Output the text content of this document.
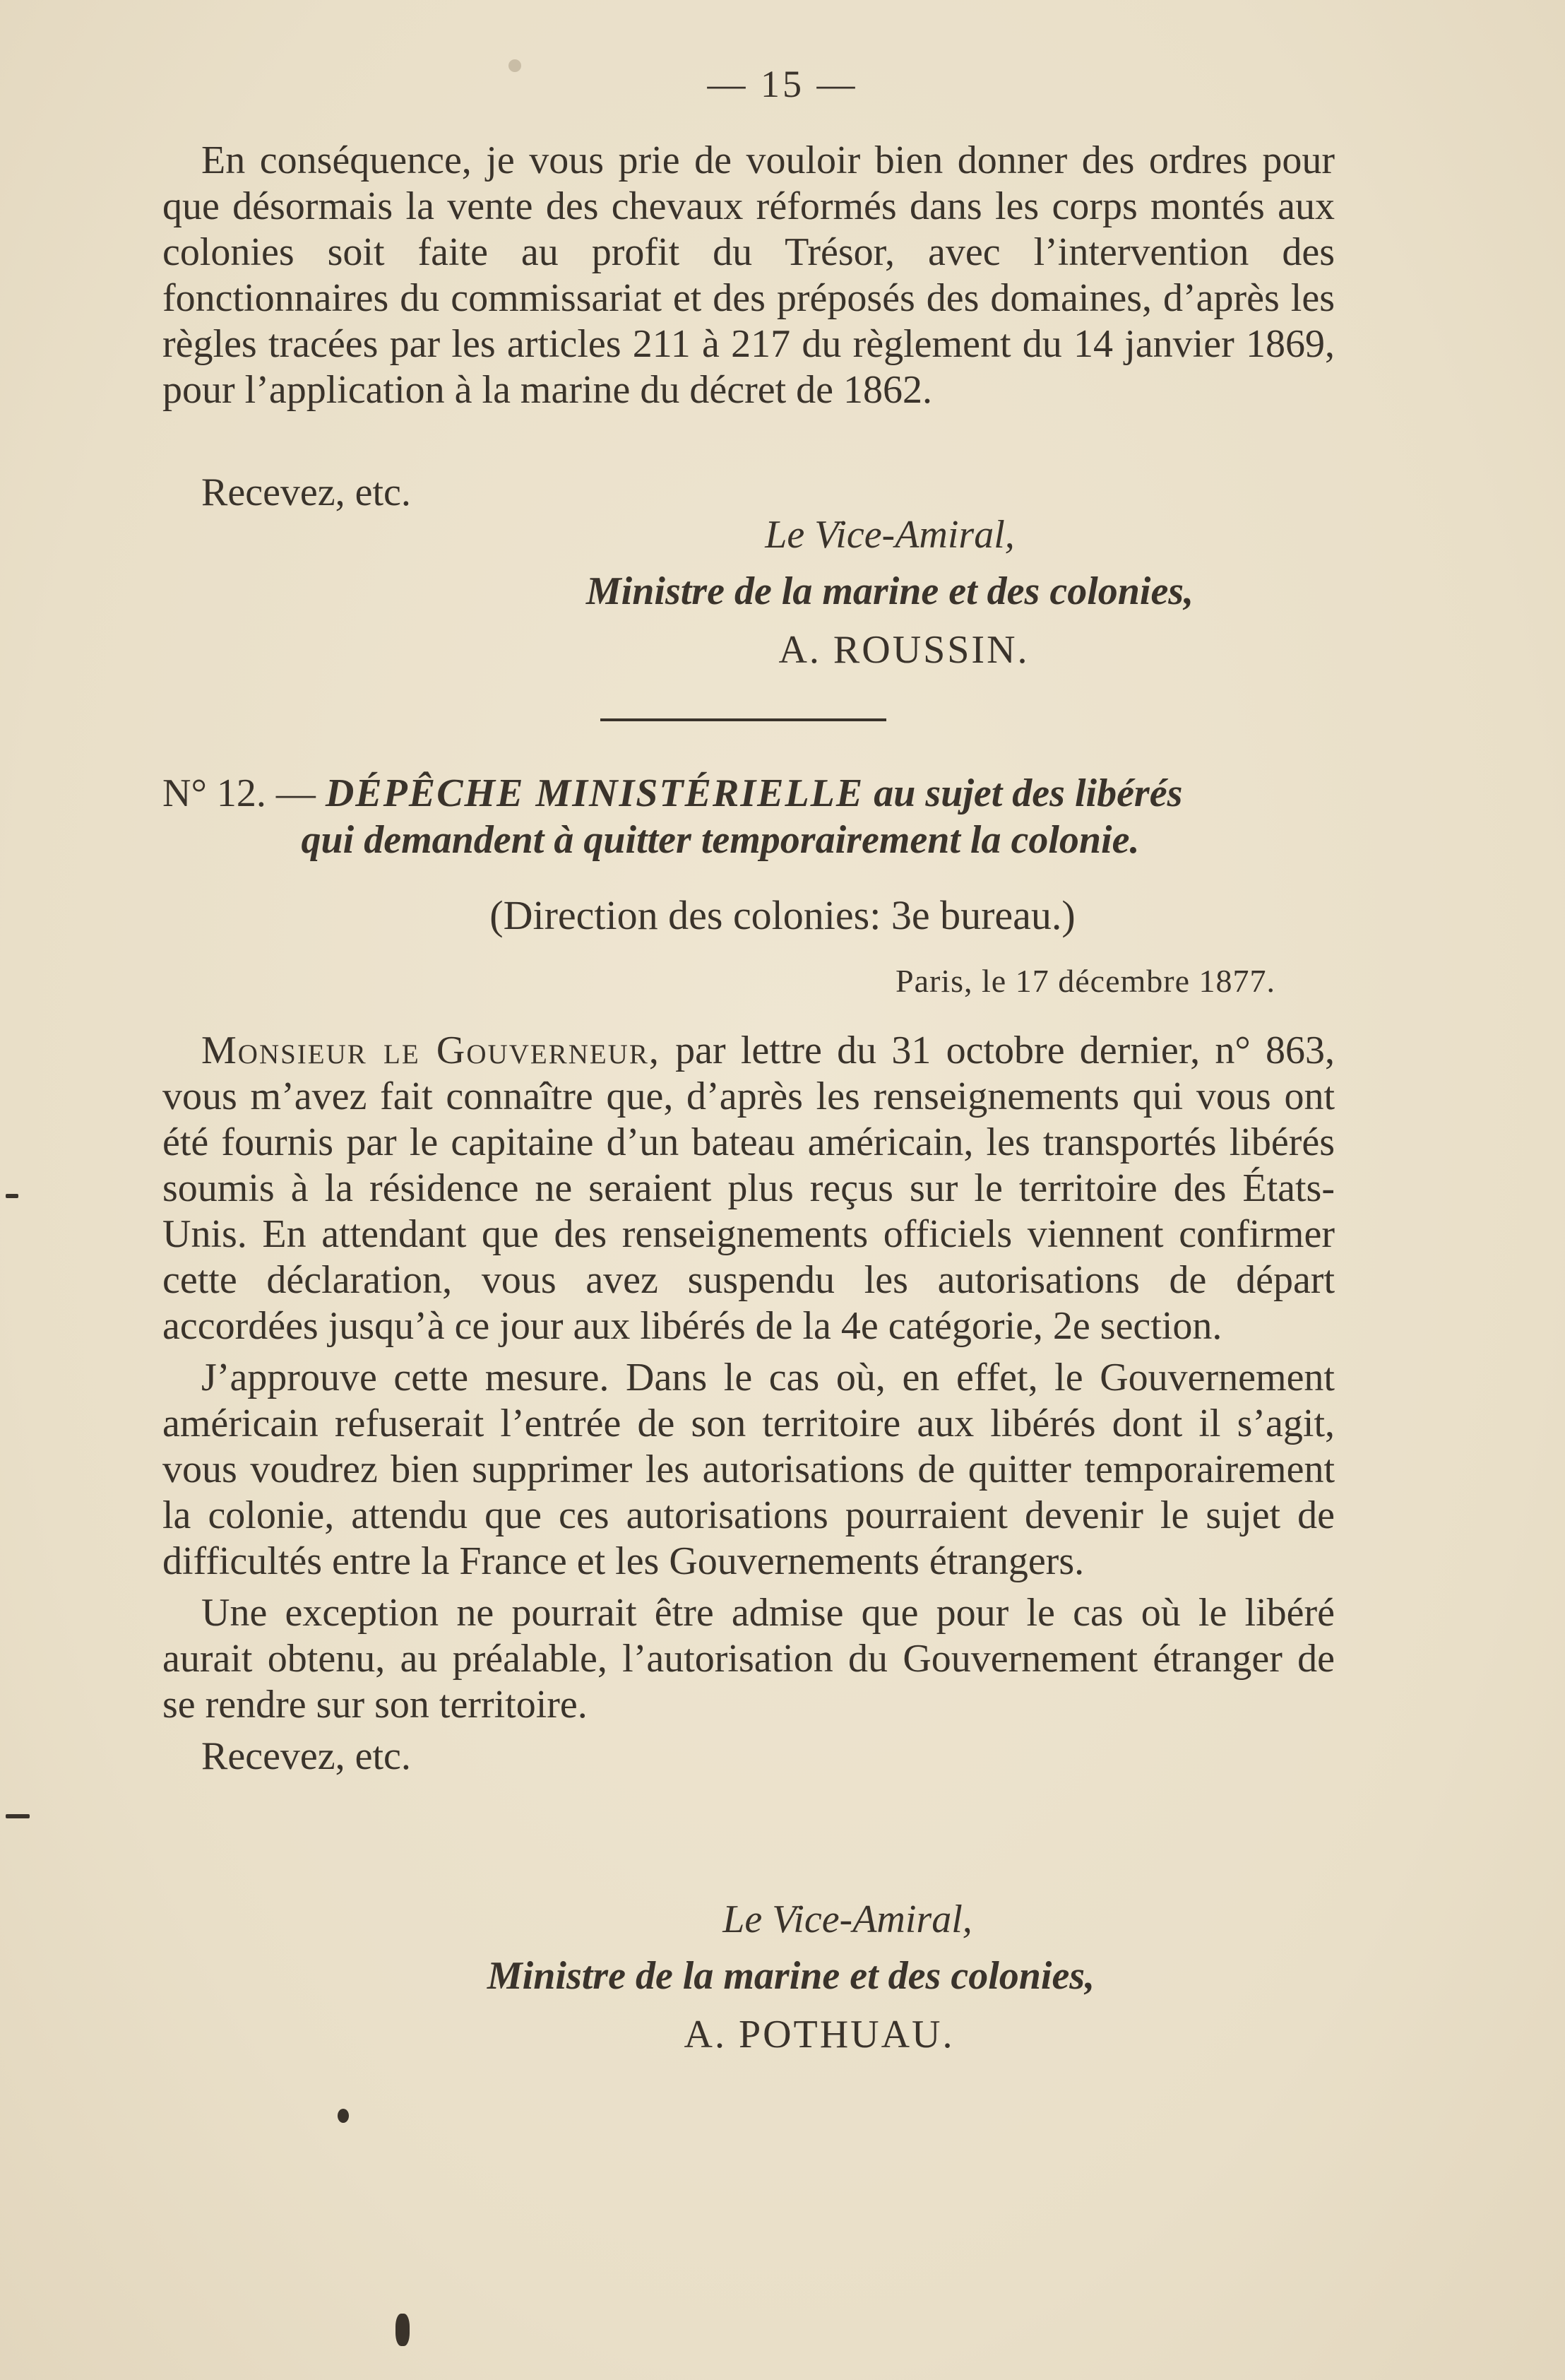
— 15 —

En conséquence, je vous prie de vouloir bien donner des ordres pour que désormais la vente des chevaux réformés dans les corps montés aux colonies soit faite au profit du Trésor, avec l’intervention des fonctionnaires du commissariat et des préposés des domaines, d’après les règles tracées par les articles 211 à 217 du règlement du 14 janvier 1869, pour l’application à la marine du décret de 1862.

Recevez, etc.

Le Vice-Amiral,
Ministre de la marine et des colonies,
A. ROUSSIN.
N° 12. — DÉPÊCHE MINISTÉRIELLE au sujet des libérés
qui demandent à quitter temporairement la colonie.
(Direction des colonies: 3e bureau.)
Paris, le 17 décembre 1877.

Monsieur le Gouverneur, par lettre du 31 octobre dernier, n° 863, vous m’avez fait connaître que, d’après les renseignements qui vous ont été fournis par le capitaine d’un bateau américain, les transportés libérés soumis à la résidence ne seraient plus reçus sur le territoire des États-Unis. En attendant que des renseignements officiels viennent confirmer cette déclaration, vous avez suspendu les autorisations de départ accordées jusqu’à ce jour aux libérés de la 4e catégorie, 2e section.

J’approuve cette mesure. Dans le cas où, en effet, le Gouvernement américain refuserait l’entrée de son territoire aux libérés dont il s’agit, vous voudrez bien supprimer les autorisations de quitter temporairement la colonie, attendu que ces autorisations pourraient devenir le sujet de difficultés entre la France et les Gouvernements étrangers.

Une exception ne pourrait être admise que pour le cas où le libéré aurait obtenu, au préalable, l’autorisation du Gouvernement étranger de se rendre sur son territoire.

Recevez, etc.

Le Vice-Amiral,
Ministre de la marine et des colonies,
A. POTHUAU.
